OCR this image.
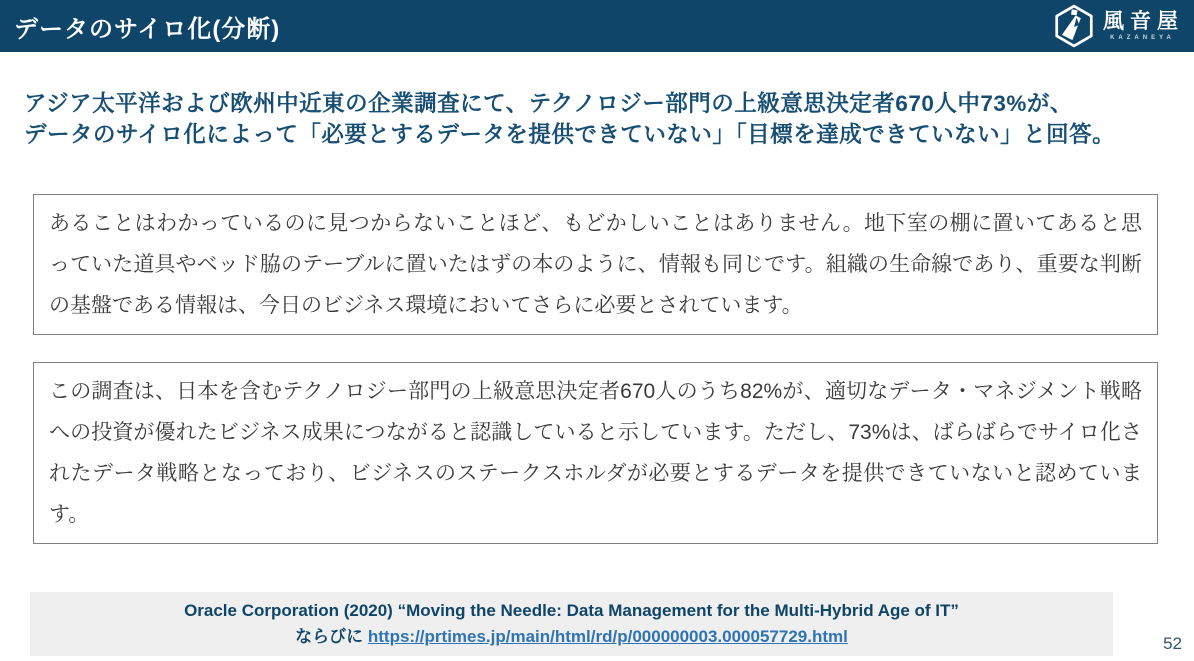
データのサイロ化(分断)	風音屋
KAZANEYA
アジア太平洋および欧州中近東の企業調査にて、テクノロジー部門の上級意思決定者670人中73%が、
データのサイロ化によって「必要とするデータを提供できていない」「目標を達成できていない」と回答。
あることはわかっているのに見つからないことほど、もどかしいことはありません。地下室の棚に置いてあると思っていた道具やベッド脇のテーブルに置いたはずの本のように、情報も同じです。組織の生命線であり、重要な判断の基盤である情報は、今日のビジネス環境においてさらに必要とされています。
この調査は、日本を含むテクノロジー部門の上級意思決定者670人のうち82%が、適切なデータ・マネジメント戦略への投資が優れたビジネス成果につながると認識していると示しています。ただし、73%は、ばらばらでサイロ化されたデータ戦略となっており、ビジネスのステークスホルダが必要とするデータを提供できていないと認めています。
Oracle Corporation (2020) “Moving the Needle: Data Management for the Multi-Hybrid Age of IT”
ならびに https://prtimes.jp/main/html/rd/p/000000003.000057729.html	52
